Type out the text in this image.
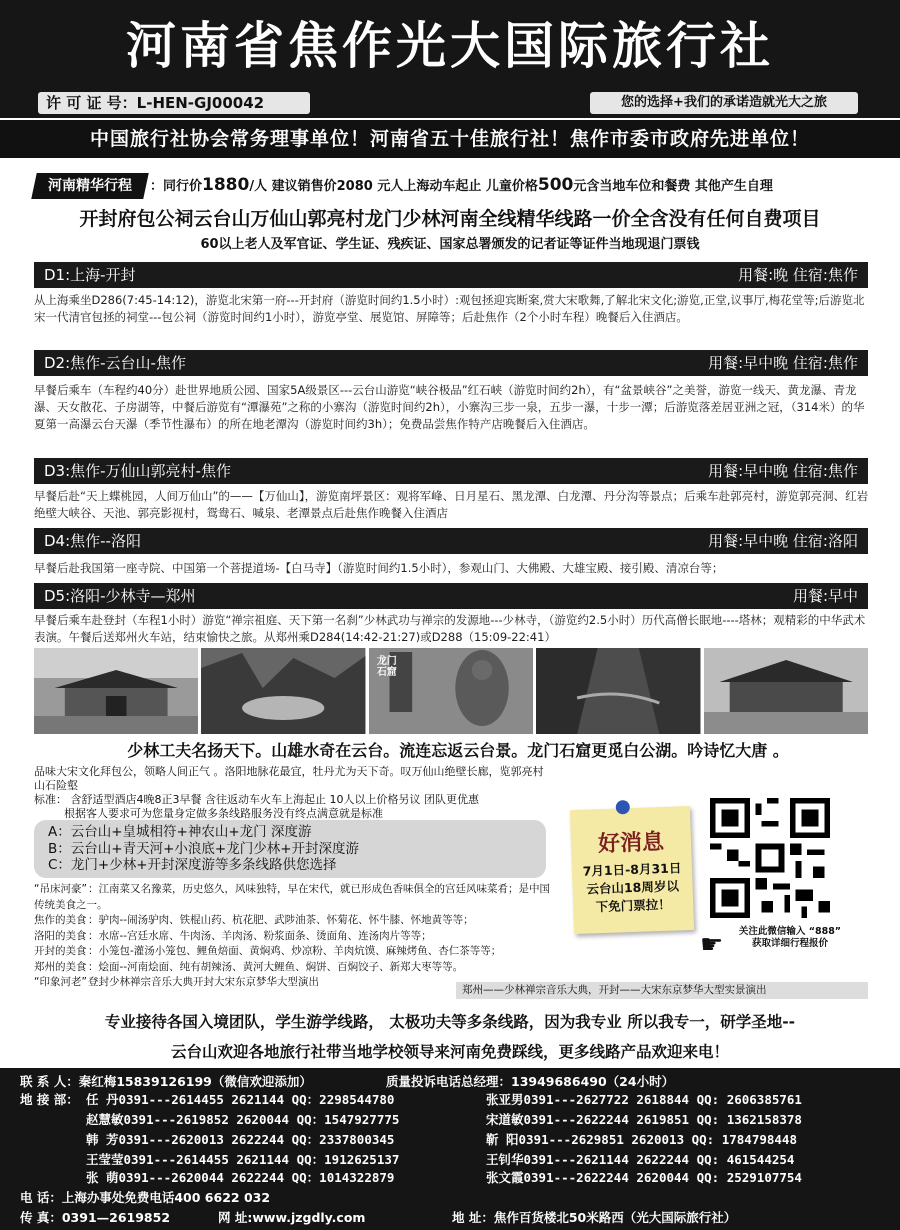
河南省焦作光大国际旅行社
许 可 证 号：L-HEN-GJ00042	您的选择+我们的承诺造就光大之旅
中国旅行社协会常务理事单位！河南省五十佳旅行社！焦作市委市政府先进单位！
河南精华行程 ：同行价1880/人 建议销售价2080 元人上海动车起止 儿童价格500元含当地车位和餐费 其他产生自理
开封府包公祠云台山万仙山郭亮村龙门少林河南全线精华线路一价全含没有任何自费项目
60以上老人及军官证、学生证、残疾证、国家总署颁发的记者证等证件当地现退门票钱
D1:上海-开封	用餐:晚 住宿:焦作
从上海乘坐D286(7:45-14:12)，游览北宋第一府---开封府（游览时间约1.5小时）:观包拯迎宾断案,赏大宋歌舞,了解北宋文化;游览,正堂,议事厅,梅花堂等;后游览北宋一代清官包拯的祠堂---包公祠（游览时间约1小时），游览亭堂、展览馆、屏障等；后赴焦作（2个小时车程）晚餐后入住酒店。
D2:焦作-云台山-焦作	用餐:早中晚 住宿:焦作
早餐后乘车（车程约40分）赴世界地质公园、国家5A级景区---云台山游览“峡谷极品”红石峡（游览时间约2h），有“盆景峡谷”之美誉，游览一线天、黄龙瀑、青龙瀑、天女散花、子房湖等，中餐后游览有“潭瀑苑”之称的小寨沟（游览时间约2h），小寨沟三步一泉，五步一瀑，十步一潭；后游览落差居亚洲之冠，（314米）的华夏第一高瀑云台天瀑（季节性瀑布）的所在地老潭沟（游览时间约3h）；免费品尝焦作特产店晚餐后入住酒店。
D3:焦作-万仙山郭亮村-焦作	用餐:早中晚 住宿:焦作
早餐后赴“天上蝶桃园，人间万仙山”的——【万仙山】，游览南坪景区：观将军峰、日月星石、黑龙潭、白龙潭、丹分沟等景点；后乘车赴郭亮村，游览郭亮洞、红岩绝壁大峡谷、天池、郭亮影视村，鸳鸯石、喊泉、老潭景点后赴焦作晚餐入住酒店
D4:焦作--洛阳	用餐:早中晚 住宿:洛阳
早餐后赴我国第一座寺院、中国第一个菩提道场-【白马寺】（游览时间约1.5小时），参观山门、大佛殿、大雄宝殿、接引殿、清凉台等；
D5:洛阳-少林寺—郑州	用餐:早中
早餐后乘车赴登封（车程1小时）游览“禅宗祖庭、天下第一名刹”少林武功与禅宗的发源地---少林寺，（游览约2.5小时）历代高僧长眠地----塔林；观精彩的中华武术表演。午餐后送郑州火车站，结束愉快之旅。从郑州乘D284(14:42-21:27)或D288（15:09-22:41）
龙门石窟
少林工夫名扬天下。山雄水奇在云台。流连忘返云台景。龙门石窟更觅白公湖。吟诗忆大唐 。
品味大宋文化拜包公，领略人间正气 。洛阳地脉花最宜，牡丹尤为天下奇。叹万仙山绝壁长廊，览郭亮村山石险壑
标准： 含舒适型酒店4晚8正3早餐 含往返动车火车上海起止 10人以上价格另议 团队更优惠
根据客人要求可为您量身定做多条线路服务没有终点满意就是标准
A：云台山+皇城相符+神农山+龙门 深度游
B：云台山+青天河+小浪底+龙门少林+开封深度游
C：龙门+少林+开封深度游等多条线路供您选择
“吊床河豪”：江南菜又名豫菜，历史悠久，风味独特，早在宋代，就已形成色香味俱全的宫廷风味菜肴；是中国传统美食之一。
焦作的美食 ：驴肉--闹汤驴肉、铁棍山药、杭花肥、武陟油茶、怀菊花、怀牛膝、怀地黄等等；
洛阳的美食 ：水席--宫廷水席、牛肉汤、羊肉汤、粉浆面条、烫面角、连汤肉片等等；
开封的美食 ：小笼包-灌汤小笼包、鲤鱼焙面、黄焖鸡、炒凉粉、羊肉炕馍、麻辣烤鱼、杏仁茶等等；
郑州的美食 ：烩面--河南烩面、纯有胡辣汤、黄河大鲤鱼、焖饼、百焖饺子、新郑大枣等等。
“印象河老”登封少林禅宗音乐大典开封大宋东京梦华大型演出
好消息
7月1日-8月31日
云台山18周岁以
下免门票拉！
☛	关注此微信输入 “888”
获取详细行程报价
郑州——少林禅宗音乐大典，开封——大宋东京梦华大型实景演出
专业接待各国入境团队，学生游学线路， 太极功夫等多条线路，因为我专业 所以我专一，研学圣地--
云台山欢迎各地旅行社带当地学校领导来河南免费踩线，更多线路产品欢迎来电！
联 系 人：秦红梅15839126199（微信欢迎添加）	质量投诉电话总经理：13949686490（24小时）
地 接 部： 任 丹0391---2614455 2621144 QQ：2298544780	张亚男0391---2627722 2618844 QQ: 2606385761
赵慧敏0391---2619852 2620044 QQ：1547927775	宋道敏0391---2622244 2619851 QQ: 1362158378
韩 芳0391---2620013 2622244 QQ：2337800345	靳 阳0391---2629851 2620013 QQ: 1784798448
王莹莹0391---2614455 2621144 QQ：1912625137	王钊华0391---2621144 2622244 QQ: 461544254
张 萌0391---2620044 2622244 QQ：1014322879	张文霞0391---2622244 2620044 QQ: 2529107754
电 话：上海办事处免费电话400 6622 032
传 真：0391—2619852	网 址:www.jzgdly.com	地 址：焦作百货楼北50米路西（光大国际旅行社）
